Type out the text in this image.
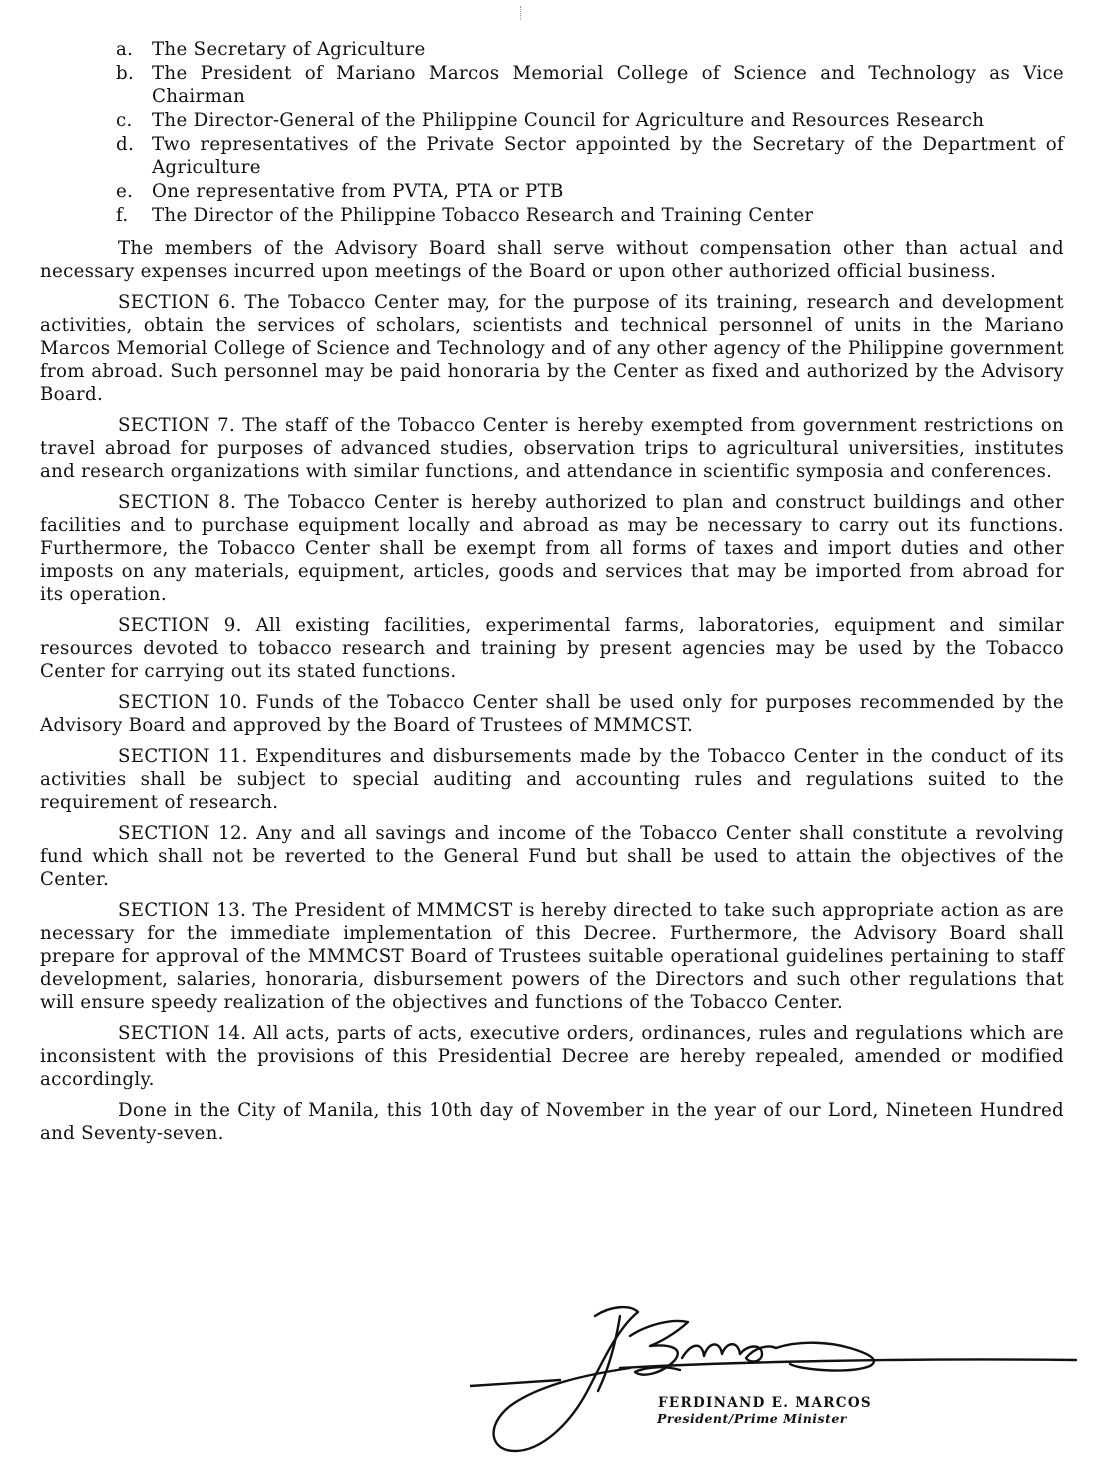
a. The Secretary of Agriculture
b. The President of Mariano Marcos Memorial College of Science and Technology as Vice Chairman
c. The Director-General of the Philippine Council for Agriculture and Resources Research
d. Two representatives of the Private Sector appointed by the Secretary of the Department of Agriculture
e. One representative from PVTA, PTA or PTB
f. The Director of the Philippine Tobacco Research and Training Center

The members of the Advisory Board shall serve without compensation other than actual and necessary expenses incurred upon meetings of the Board or upon other authorized official business.

SECTION 6. The Tobacco Center may, for the purpose of its training, research and development activities, obtain the services of scholars, scientists and technical personnel of units in the Mariano Marcos Memorial College of Science and Technology and of any other agency of the Philippine government from abroad. Such personnel may be paid honoraria by the Center as fixed and authorized by the Advisory Board.

SECTION 7. The staff of the Tobacco Center is hereby exempted from government restrictions on travel abroad for purposes of advanced studies, observation trips to agricultural universities, institutes and research organizations with similar functions, and attendance in scientific symposia and conferences.

SECTION 8. The Tobacco Center is hereby authorized to plan and construct buildings and other facilities and to purchase equipment locally and abroad as may be necessary to carry out its functions. Furthermore, the Tobacco Center shall be exempt from all forms of taxes and import duties and other imposts on any materials, equipment, articles, goods and services that may be imported from abroad for its operation.

SECTION 9. All existing facilities, experimental farms, laboratories, equipment and similar resources devoted to tobacco research and training by present agencies may be used by the Tobacco Center for carrying out its stated functions.

SECTION 10. Funds of the Tobacco Center shall be used only for purposes recommended by the Advisory Board and approved by the Board of Trustees of MMMCST.

SECTION 11. Expenditures and disbursements made by the Tobacco Center in the conduct of its activities shall be subject to special auditing and accounting rules and regulations suited to the requirement of research.

SECTION 12. Any and all savings and income of the Tobacco Center shall constitute a revolving fund which shall not be reverted to the General Fund but shall be used to attain the objectives of the Center.

SECTION 13. The President of MMMCST is hereby directed to take such appropriate action as are necessary for the immediate implementation of this Decree. Furthermore, the Advisory Board shall prepare for approval of the MMMCST Board of Trustees suitable operational guidelines pertaining to staff development, salaries, honoraria, disbursement powers of the Directors and such other regulations that will ensure speedy realization of the objectives and functions of the Tobacco Center.

SECTION 14. All acts, parts of acts, executive orders, ordinances, rules and regulations which are inconsistent with the provisions of this Presidential Decree are hereby repealed, amended or modified accordingly.

Done in the City of Manila, this 10th day of November in the year of our Lord, Nineteen Hundred and Seventy-seven.

FERDINAND E. MARCOS
President/Prime Minister
